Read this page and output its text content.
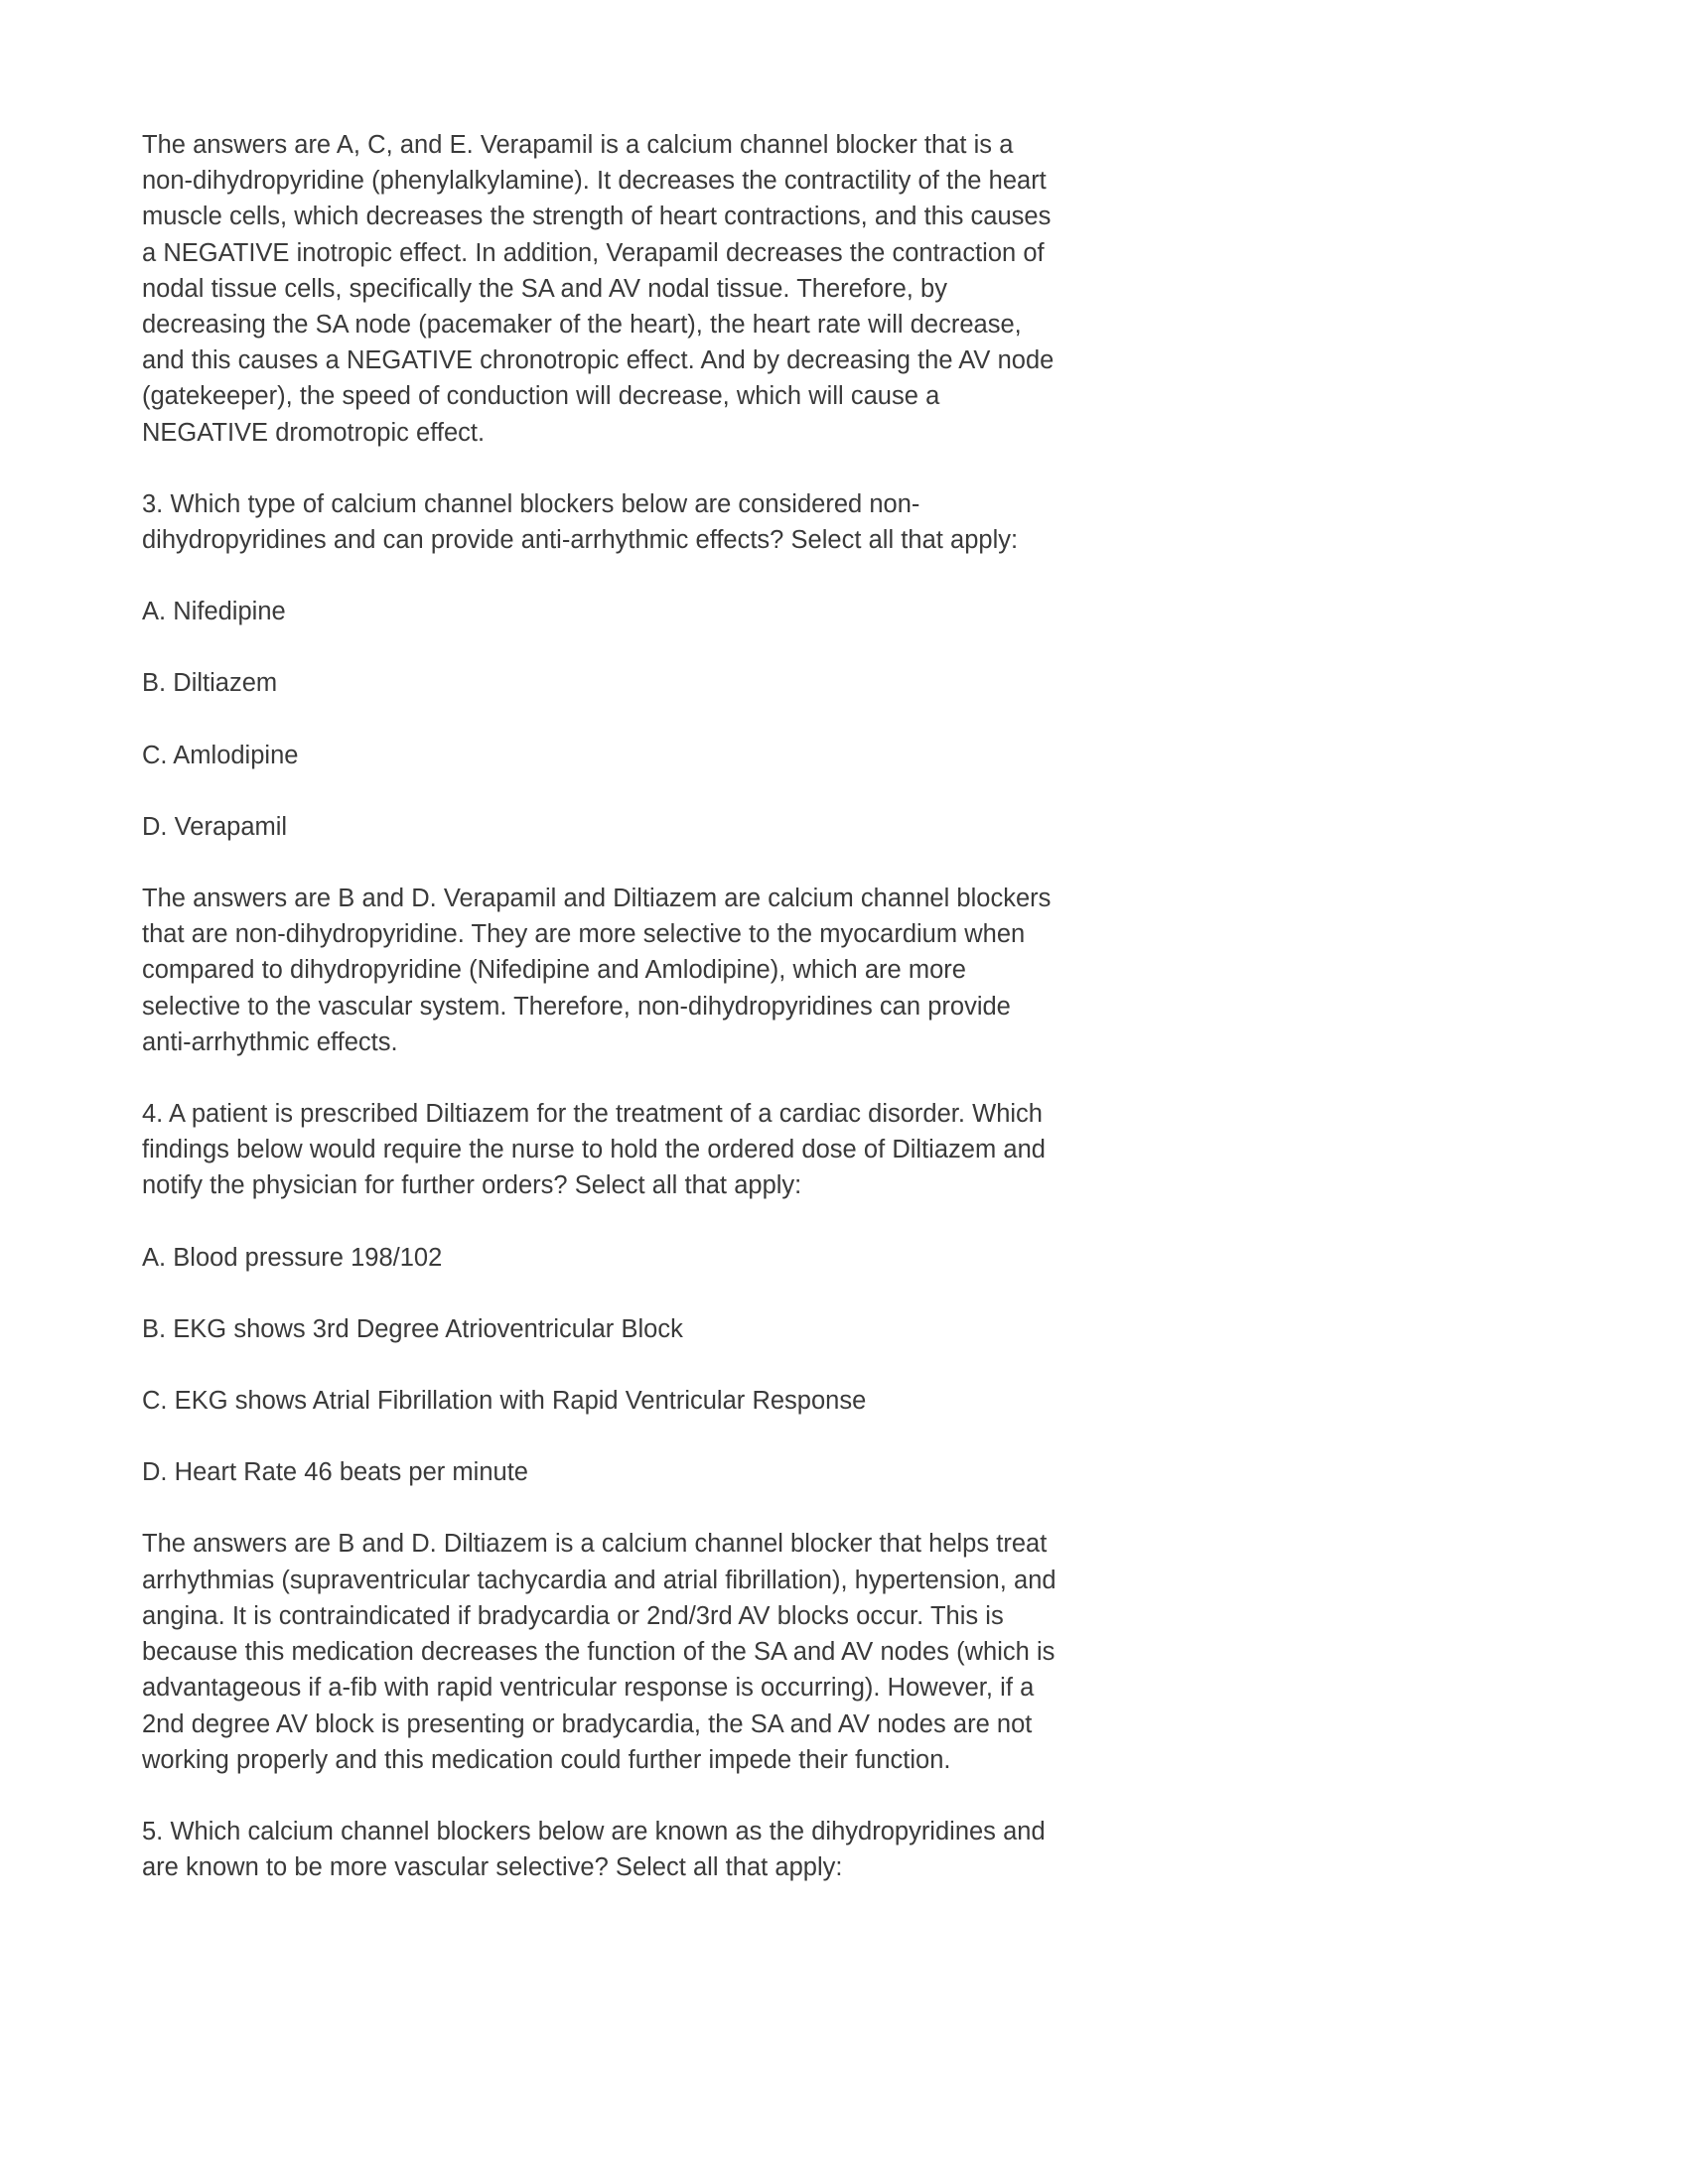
The answers are A, C, and E. Verapamil is a calcium channel blocker that is a non-dihydropyridine (phenylalkylamine). It decreases the contractility of the heart muscle cells, which decreases the strength of heart contractions, and this causes a NEGATIVE inotropic effect. In addition, Verapamil decreases the contraction of nodal tissue cells, specifically the SA and AV nodal tissue. Therefore, by decreasing the SA node (pacemaker of the heart), the heart rate will decrease, and this causes a NEGATIVE chronotropic effect. And by decreasing the AV node (gatekeeper), the speed of conduction will decrease, which will cause a NEGATIVE dromotropic effect.

3. Which type of calcium channel blockers below are considered non-dihydropyridines and can provide anti-arrhythmic effects? Select all that apply:

A. Nifedipine

B. Diltiazem

C. Amlodipine

D. Verapamil

The answers are B and D. Verapamil and Diltiazem are calcium channel blockers that are non-dihydropyridine. They are more selective to the myocardium when compared to dihydropyridine (Nifedipine and Amlodipine), which are more selective to the vascular system. Therefore, non-dihydropyridines can provide anti-arrhythmic effects.

4. A patient is prescribed Diltiazem for the treatment of a cardiac disorder. Which findings below would require the nurse to hold the ordered dose of Diltiazem and notify the physician for further orders? Select all that apply:

A. Blood pressure 198/102

B. EKG shows 3rd Degree Atrioventricular Block

C. EKG shows Atrial Fibrillation with Rapid Ventricular Response

D. Heart Rate 46 beats per minute

The answers are B and D. Diltiazem is a calcium channel blocker that helps treat arrhythmias (supraventricular tachycardia and atrial fibrillation), hypertension, and angina. It is contraindicated if bradycardia or 2nd/3rd AV blocks occur. This is because this medication decreases the function of the SA and AV nodes (which is advantageous if a-fib with rapid ventricular response is occurring). However, if a 2nd degree AV block is presenting or bradycardia, the SA and AV nodes are not working properly and this medication could further impede their function.

5. Which calcium channel blockers below are known as the dihydropyridines and are known to be more vascular selective? Select all that apply:
